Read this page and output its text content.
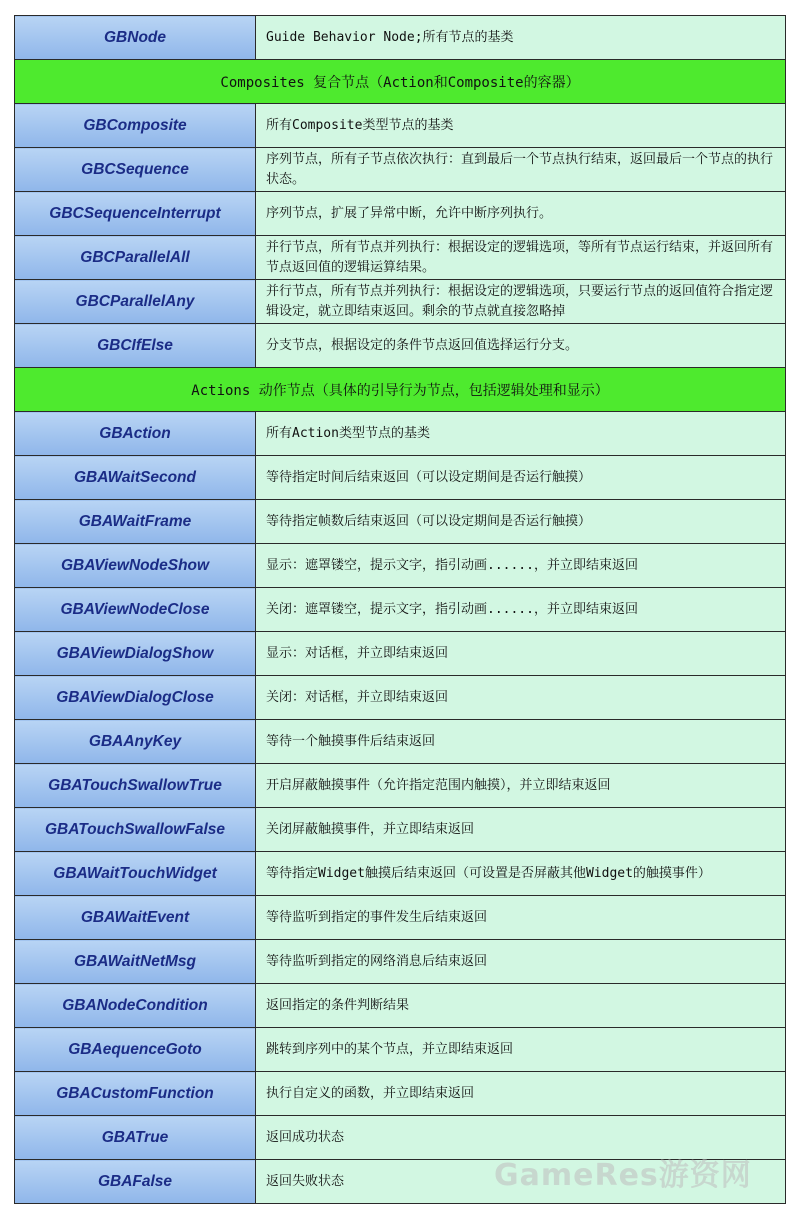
GBNode	Guide Behavior Node;所有节点的基类
Composites 复合节点（Action和Composite的容器）	
GBComposite	所有Composite类型节点的基类
GBCSequence	序列节点，所有子节点依次执行：直到最后一个节点执行结束，返回最后一个节点的执行状态。
GBCSequenceInterrupt	序列节点，扩展了异常中断，允许中断序列执行。
GBCParallelAll	并行节点，所有节点并列执行：根据设定的逻辑选项，等所有节点运行结束，并返回所有节点返回值的逻辑运算结果。
GBCParallelAny	并行节点，所有节点并列执行：根据设定的逻辑选项，只要运行节点的返回值符合指定逻辑设定，就立即结束返回。剩余的节点就直接忽略掉
GBCIfElse	分支节点，根据设定的条件节点返回值选择运行分支。
Actions 动作节点（具体的引导行为节点，包括逻辑处理和显示）	
GBAction	所有Action类型节点的基类
GBAWaitSecond	等待指定时间后结束返回（可以设定期间是否运行触摸）
GBAWaitFrame	等待指定帧数后结束返回（可以设定期间是否运行触摸）
GBAViewNodeShow	显示：遮罩镂空，提示文字，指引动画......，并立即结束返回
GBAViewNodeClose	关闭：遮罩镂空，提示文字，指引动画......，并立即结束返回
GBAViewDialogShow	显示：对话框，并立即结束返回
GBAViewDialogClose	关闭：对话框，并立即结束返回
GBAAnyKey	等待一个触摸事件后结束返回
GBATouchSwallowTrue	开启屏蔽触摸事件（允许指定范围内触摸），并立即结束返回
GBATouchSwallowFalse	关闭屏蔽触摸事件，并立即结束返回
GBAWaitTouchWidget	等待指定Widget触摸后结束返回（可设置是否屏蔽其他Widget的触摸事件）
GBAWaitEvent	等待监听到指定的事件发生后结束返回
GBAWaitNetMsg	等待监听到指定的网络消息后结束返回
GBANodeCondition	返回指定的条件判断结果
GBAequenceGoto	跳转到序列中的某个节点，并立即结束返回
GBACustomFunction	执行自定义的函数，并立即结束返回
GBATrue	返回成功状态
GBAFalse	返回失败状态	GameRes游资网
